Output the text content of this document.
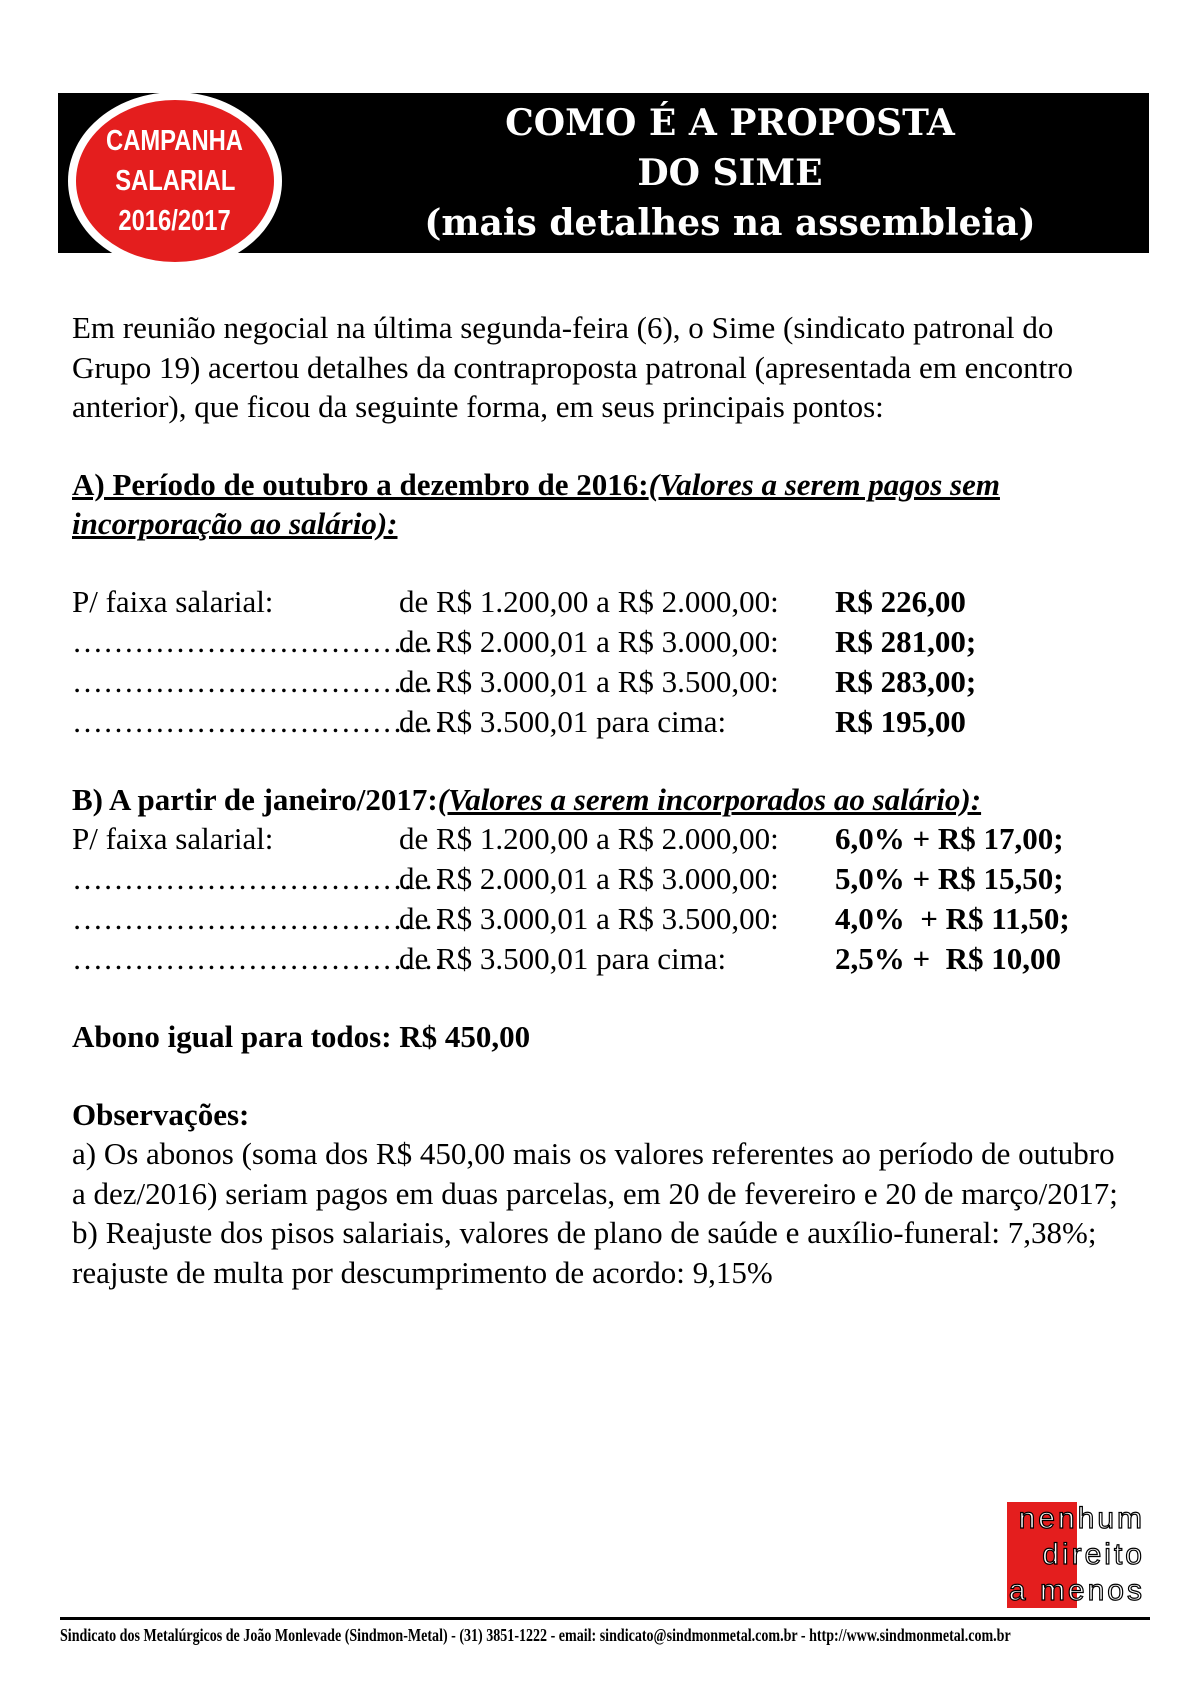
CAMPANHA
SALARIAL
2016/2017
COMO É A PROPOSTA
DO SIME
(mais detalhes na assembleia)

Em reunião negocial na última segunda-feira (6), o Sime (sindicato patronal do Grupo 19) acertou detalhes da contraproposta patronal (apresentada em encontro anterior), que ficou da seguinte forma, em seus principais pontos:

A) Período de outubro a dezembro de 2016:(Valores a serem pagos sem incorporação ao salário):

P/ faixa salarial:	de R$ 1.200,00 a R$ 2.000,00:	R$ 226,00
………………………………
de R$ 2.000,01 a R$ 3.000,00:	R$ 281,00;
………………………………
de R$ 3.000,01 a R$ 3.500,00:	R$ 283,00;
………………………………
de R$ 3.500,01 para cima:	R$ 195,00

B) A partir de janeiro/2017:(Valores a serem incorporados ao salário):

P/ faixa salarial:	de R$ 1.200,00 a R$ 2.000,00:	6,0% + R$ 17,00;
………………………………
de R$ 2.000,01 a R$ 3.000,00:	5,0% + R$ 15,50;
………………………………
de R$ 3.000,01 a R$ 3.500,00:	4,0%  + R$ 11,50;
………………………………
de R$ 3.500,01 para cima:	2,5% +  R$ 10,00

Abono igual para todos: R$ 450,00

Observações:

a) Os abonos (soma dos R$ 450,00 mais os valores referentes ao período de outubro a dez/2016) seriam pagos em duas parcelas, em 20 de fevereiro e 20 de março/2017;

b) Reajuste dos pisos salariais, valores de plano de saúde e auxílio-funeral: 7,38%; reajuste de multa por descumprimento de acordo: 9,15%

nenhum
direito
a menos
Sindicato dos Metalúrgicos de João Monlevade (Sindmon-Metal) - (31) 3851-1222 - email: sindicato@sindmonmetal.com.br - http://www.sindmonmetal.com.br
